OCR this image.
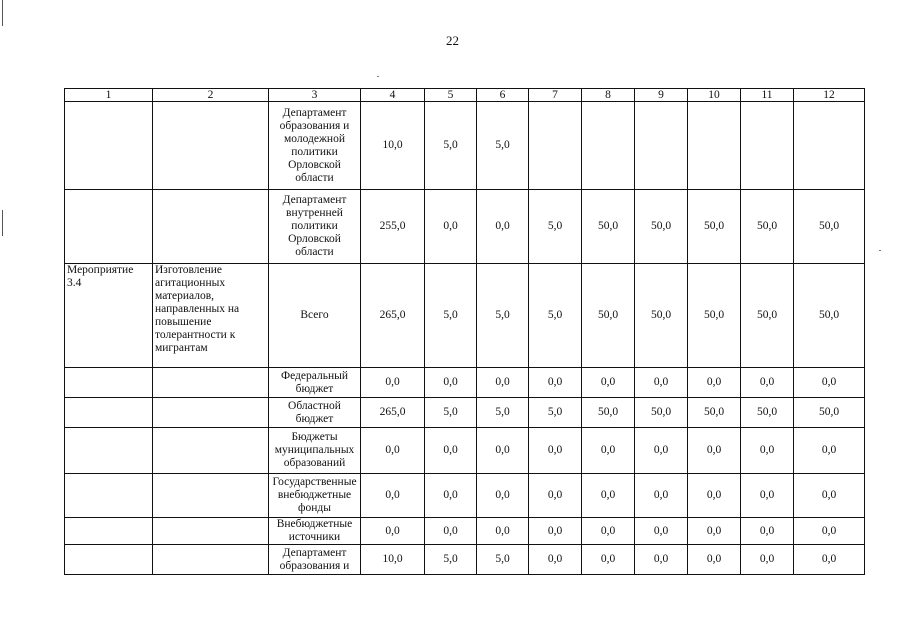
22
1	2	3	4	5	6	7	8	9	10	11	12
		Департамент образования и молодежной политики Орловской области	10,0	5,0	5,0						
		Департамент внутренней политики Орловской области	255,0	0,0	0,0	5,0	50,0	50,0	50,0	50,0	50,0
Мероприятие 3.4	Изготовление агитационных материалов, направленных на повышение толерантности к мигрантам	Всего	265,0	5,0	5,0	5,0	50,0	50,0	50,0	50,0	50,0
		Федеральный бюджет	0,0	0,0	0,0	0,0	0,0	0,0	0,0	0,0	0,0
		Областной бюджет	265,0	5,0	5,0	5,0	50,0	50,0	50,0	50,0	50,0
		Бюджеты муниципальных образований	0,0	0,0	0,0	0,0	0,0	0,0	0,0	0,0	0,0
		Государственные внебюджетные фонды	0,0	0,0	0,0	0,0	0,0	0,0	0,0	0,0	0,0
		Внебюджетные источники	0,0	0,0	0,0	0,0	0,0	0,0	0,0	0,0	0,0
		Департамент образования и	10,0	5,0	5,0	0,0	0,0	0,0	0,0	0,0	0,0
